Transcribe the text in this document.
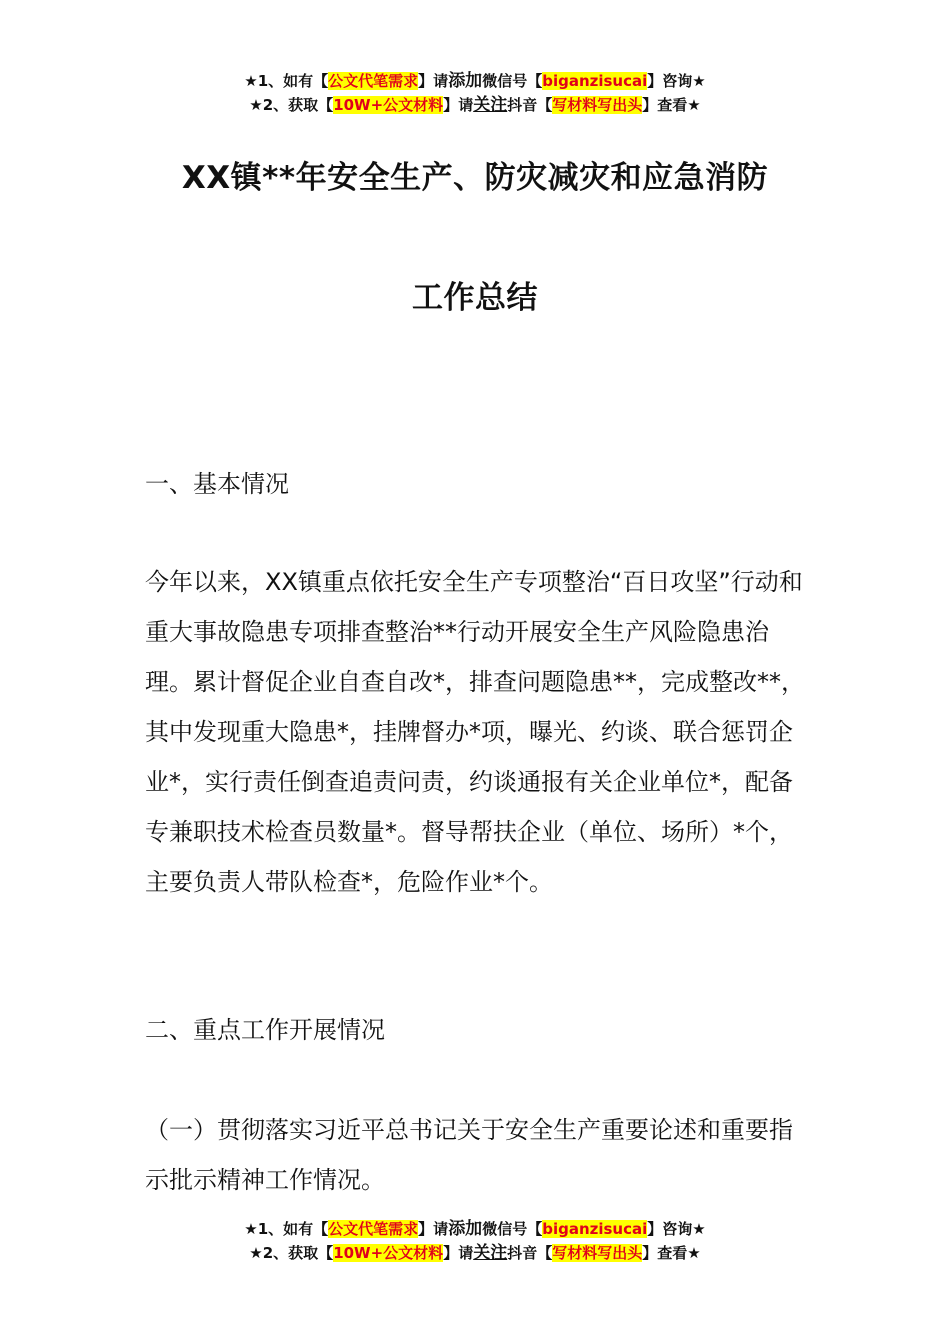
★1、如有【公文代笔需求】请添加微信号【biganzisucai】咨询★
★2、获取【10W+公文材料】请关注抖音【写材料写出头】查看★
XX镇**年安全生产、防灾减灾和应急消防
工作总结
一、基本情况
今年以来，XX镇重点依托安全生产专项整治“百日攻坚”行动和重大事故隐患专项排查整治**行动开展安全生产风险隐患治理。累计督促企业自查自改*，排查问题隐患**，完成整改**，其中发现重大隐患*，挂牌督办*项，曝光、约谈、联合惩罚企业*，实行责任倒查追责问责，约谈通报有关企业单位*，配备专兼职技术检查员数量*。督导帮扶企业（单位、场所）*个，主要负责人带队检查*，危险作业*个。
二、重点工作开展情况
（一）贯彻落实习近平总书记关于安全生产重要论述和重要指示批示精神工作情况。
★1、如有【公文代笔需求】请添加微信号【biganzisucai】咨询★
★2、获取【10W+公文材料】请关注抖音【写材料写出头】查看★
